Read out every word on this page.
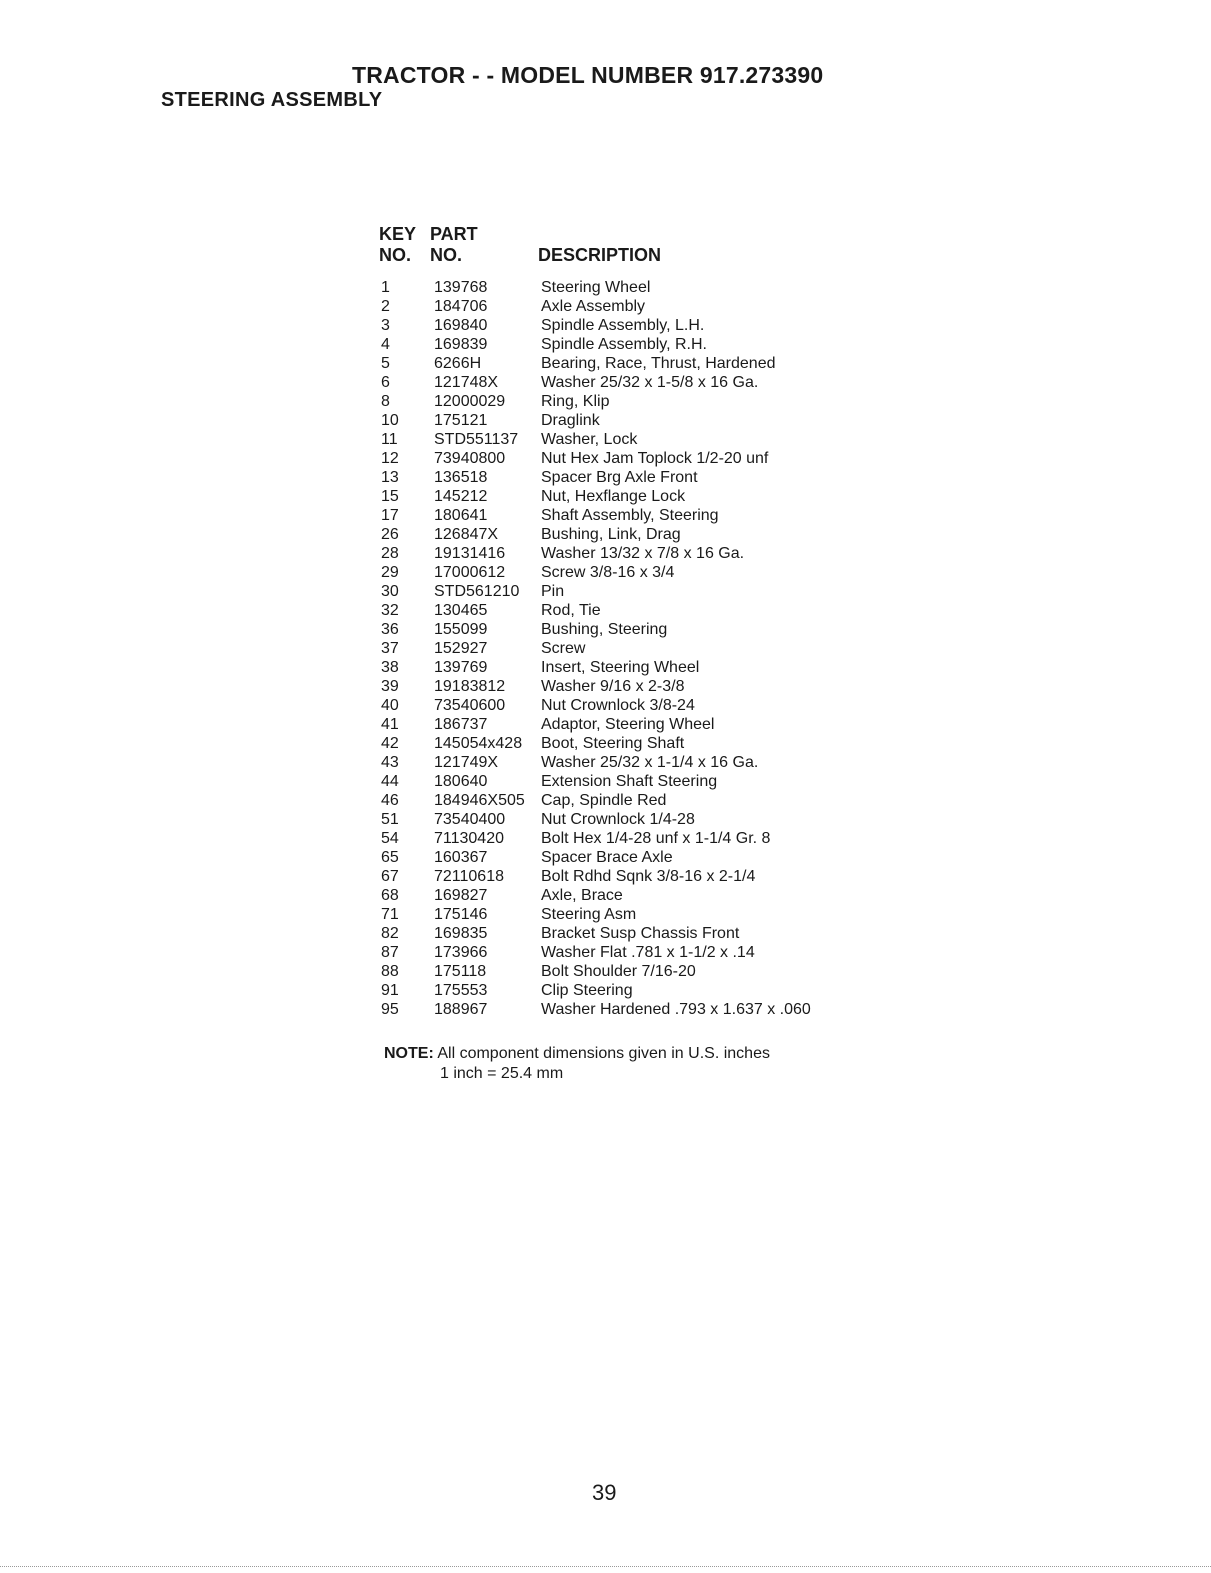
TRACTOR - - MODEL NUMBER 917.273390
STEERING ASSEMBLY
KEY
NO.
PART
NO.	DESCRIPTION
1	139768	Steering Wheel
2	184706	Axle Assembly
3	169840	Spindle Assembly, L.H.
4	169839	Spindle Assembly, R.H.
5	6266H	Bearing, Race, Thrust, Hardened
6	121748X	Washer 25/32 x 1-5/8 x 16 Ga.
8	12000029 Ring, Klip
10 175121	Draglink
11 STD551137 Washer, Lock
12 73940800 Nut Hex Jam Toplock 1/2-20 unf
13 136518	Spacer Brg Axle Front
15 145212	Nut, Hexflange Lock
17 180641	Shaft Assembly, Steering
26 126847X	Bushing, Link, Drag
28 19131416 Washer 13/32 x 7/8 x 16 Ga.
29 17000612 Screw 3/8-16 x 3/4
30 STD561210 Pin
32 130465	Rod, Tie
36 155099	Bushing, Steering
37 152927	Screw
38 139769	Insert, Steering Wheel
39 19183812 Washer 9/16 x 2-3/8
40 73540600 Nut Crownlock 3/8-24
41 186737	Adaptor, Steering Wheel
42 145054x428 Boot, Steering Shaft
43 121749X	Washer 25/32 x 1-1/4 x 16 Ga.
44 180640	Extension Shaft Steering
46 184946X505 Cap, Spindle Red
51 73540400 Nut Crownlock 1/4-28
54 71130420 Bolt Hex 1/4-28 unf x 1-1/4 Gr. 8
65 160367	Spacer Brace Axle
67 72110618 Bolt Rdhd Sqnk 3/8-16 x 2-1/4
68 169827	Axle, Brace
71 175146	Steering Asm
82 169835	Bracket Susp Chassis Front
87 173966	Washer Flat .781 x 1-1/2 x .14
88 175118	Bolt Shoulder 7/16-20
91 175553	Clip Steering
95 188967	Washer Hardened .793 x 1.637 x .060
NOTE: All component dimensions given in U.S. inches
1 inch = 25.4 mm
39
